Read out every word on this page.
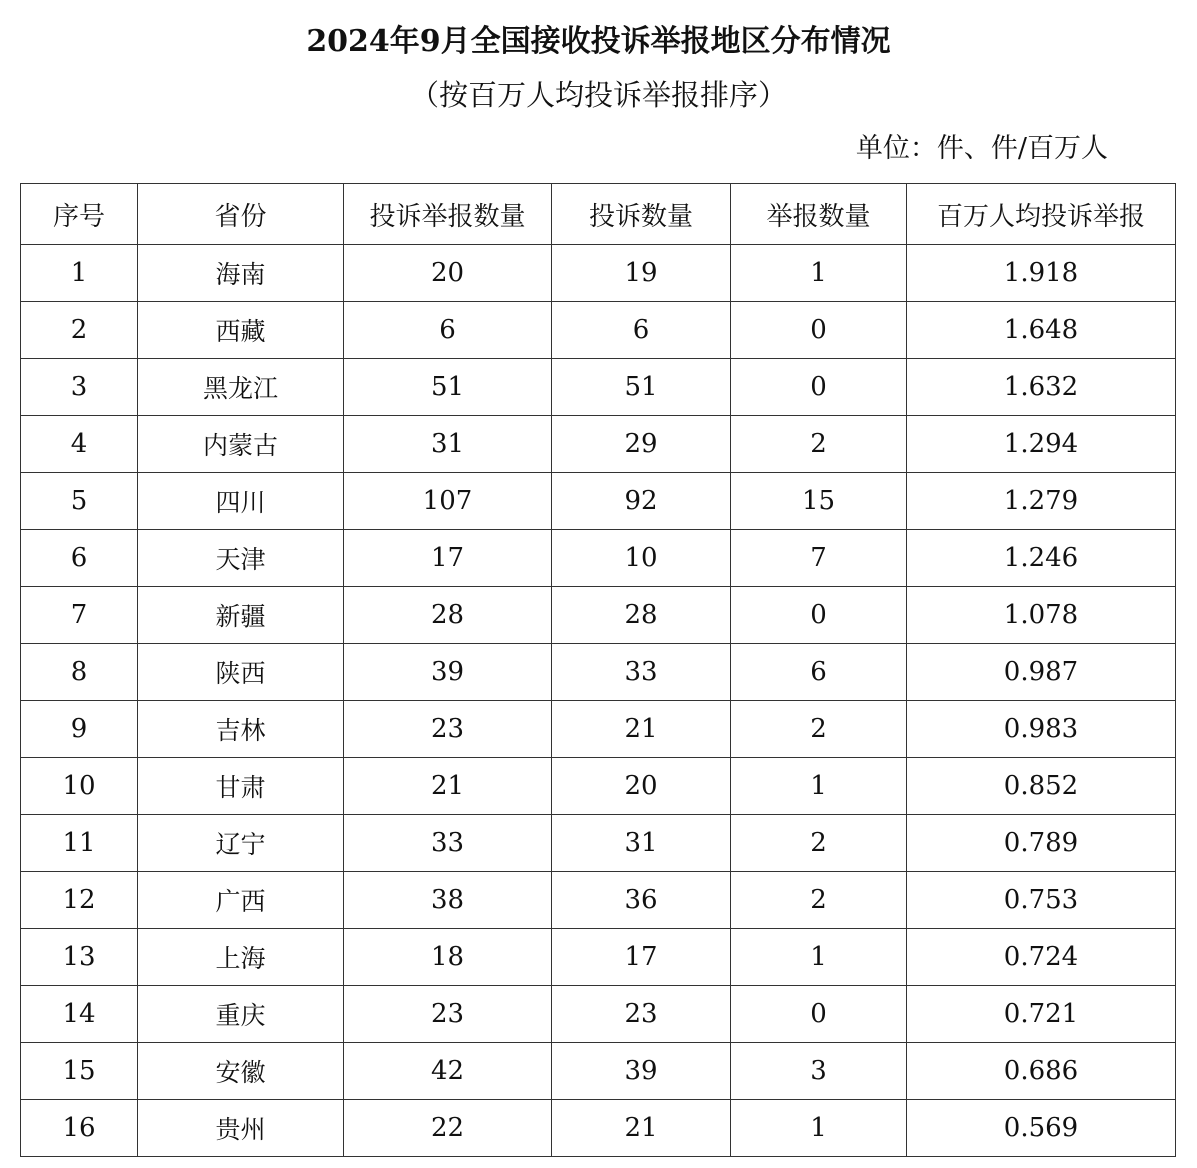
2024年9月全国接收投诉举报地区分布情况
（按百万人均投诉举报排序）
单位：件、件/百万人
序号	省份	投诉举报数量	投诉数量	举报数量	百万人均投诉举报
1	海南	20	19	1	1.918
2	西藏	6	6	0	1.648
3	黑龙江	51	51	0	1.632
4	内蒙古	31	29	2	1.294
5	四川	107	92	15	1.279
6	天津	17	10	7	1.246
7	新疆	28	28	0	1.078
8	陕西	39	33	6	0.987
9	吉林	23	21	2	0.983
10	甘肃	21	20	1	0.852
11	辽宁	33	31	2	0.789
12	广西	38	36	2	0.753
13	上海	18	17	1	0.724
14	重庆	23	23	0	0.721
15	安徽	42	39	3	0.686
16	贵州	22	21	1	0.569
